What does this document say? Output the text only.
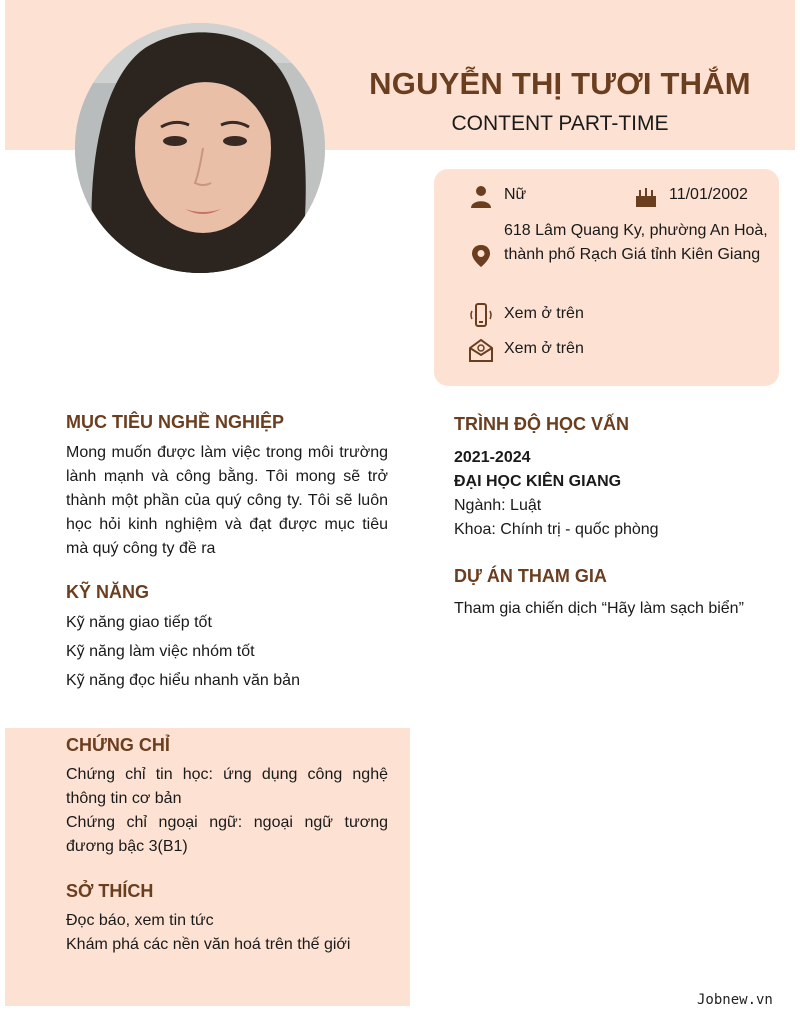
NGUYỄN THỊ TƯƠI THẮM
CONTENT PART-TIME
Nữ	11/01/2002
618 Lâm Quang Ky, phường An Hoà, thành phố Rạch Giá tỉnh Kiên Giang
Xem ở trên
Xem ở trên
MỤC TIÊU NGHỀ NGHIỆP
Mong muốn được làm việc trong môi trường lành mạnh và công bằng. Tôi mong sẽ trở thành một phần của quý công ty. Tôi sẽ luôn học hỏi kinh nghiệm và đạt được mục tiêu mà quý công ty đề ra
KỸ NĂNG
Kỹ năng giao tiếp tốt
Kỹ năng làm việc nhóm tốt
Kỹ năng đọc hiểu nhanh văn bản
CHỨNG CHỈ
Chứng chỉ tin học: ứng dụng công nghệ thông tin cơ bản
Chứng chỉ ngoại ngữ: ngoại ngữ tương đương bậc 3(B1)
SỞ THÍCH
Đọc báo, xem tin tức
Khám phá các nền văn hoá trên thế giới
TRÌNH ĐỘ HỌC VẤN
2021-2024
ĐẠI HỌC KIÊN GIANG
Ngành: Luật
Khoa: Chính trị - quốc phòng
DỰ ÁN THAM GIA
Tham gia chiến dịch “Hãy làm sạch biển”
Jobnew.vn
